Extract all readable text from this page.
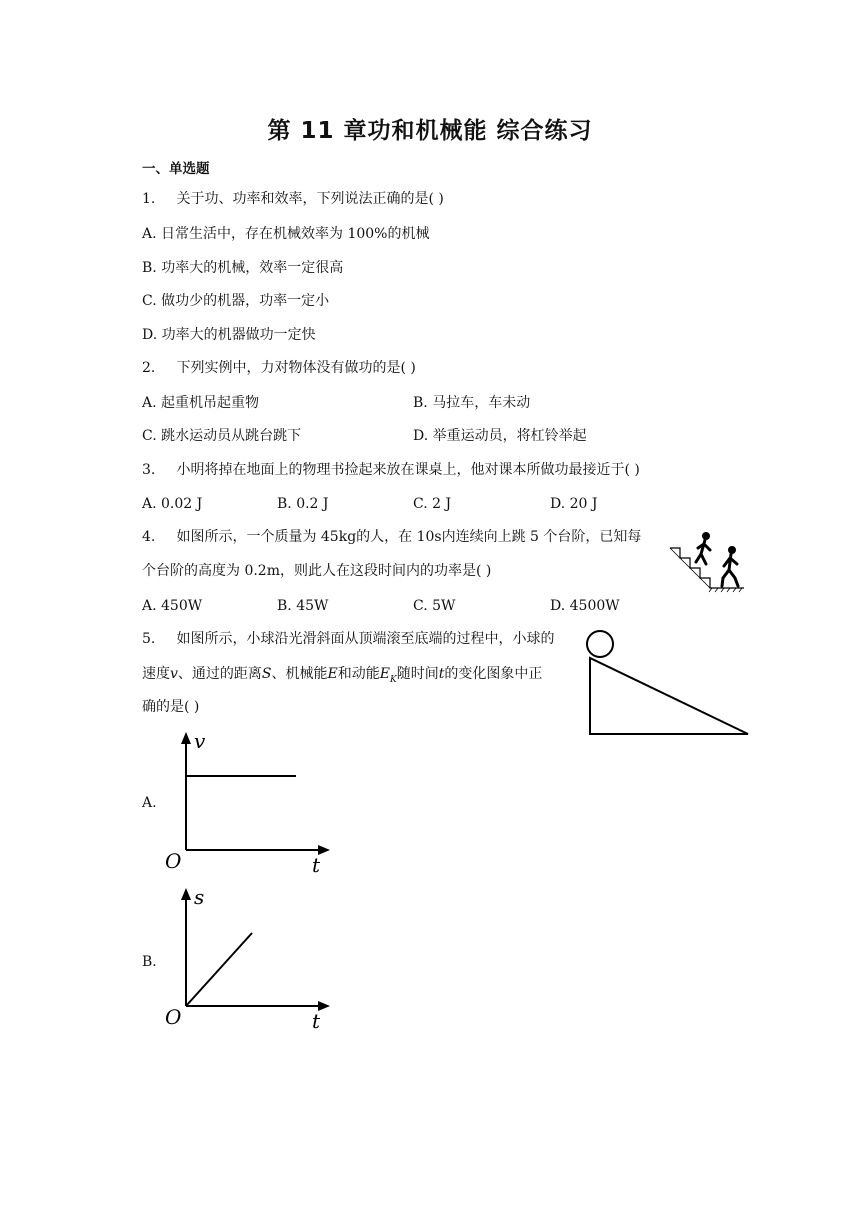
第 11 章功和机械能 综合练习
一、单选题
1. 关于功、功率和效率，下列说法正确的是( )
A. 日常生活中，存在机械效率为 100%的机械
B. 功率大的机械，效率一定很高
C. 做功少的机器，功率一定小
D. 功率大的机器做功一定快
2. 下列实例中，力对物体没有做功的是( )
A. 起重机吊起重物	B. 马拉车，车未动
C. 跳水运动员从跳台跳下	D. 举重运动员，将杠铃举起
3. 小明将掉在地面上的物理书捡起来放在课桌上，他对课本所做功最接近于( )
A. 0.02 J	B. 0.2 J	C. 2 J	D. 20 J
4. 如图所示，一个质量为 45kg的人，在 10s内连续向上跳 5 个台阶，已知每
个台阶的高度为 0.2m，则此人在这段时间内的功率是( )
A. 450W	B. 45W	C. 5W	D. 4500W
5. 如图所示，小球沿光滑斜面从顶端滚至底端的过程中，小球的
速度v、通过的距离S、机械能E和动能$E_K$随时间t的变化图象中正
确的是( )
A.
v
t
O
B.
s
t
O
